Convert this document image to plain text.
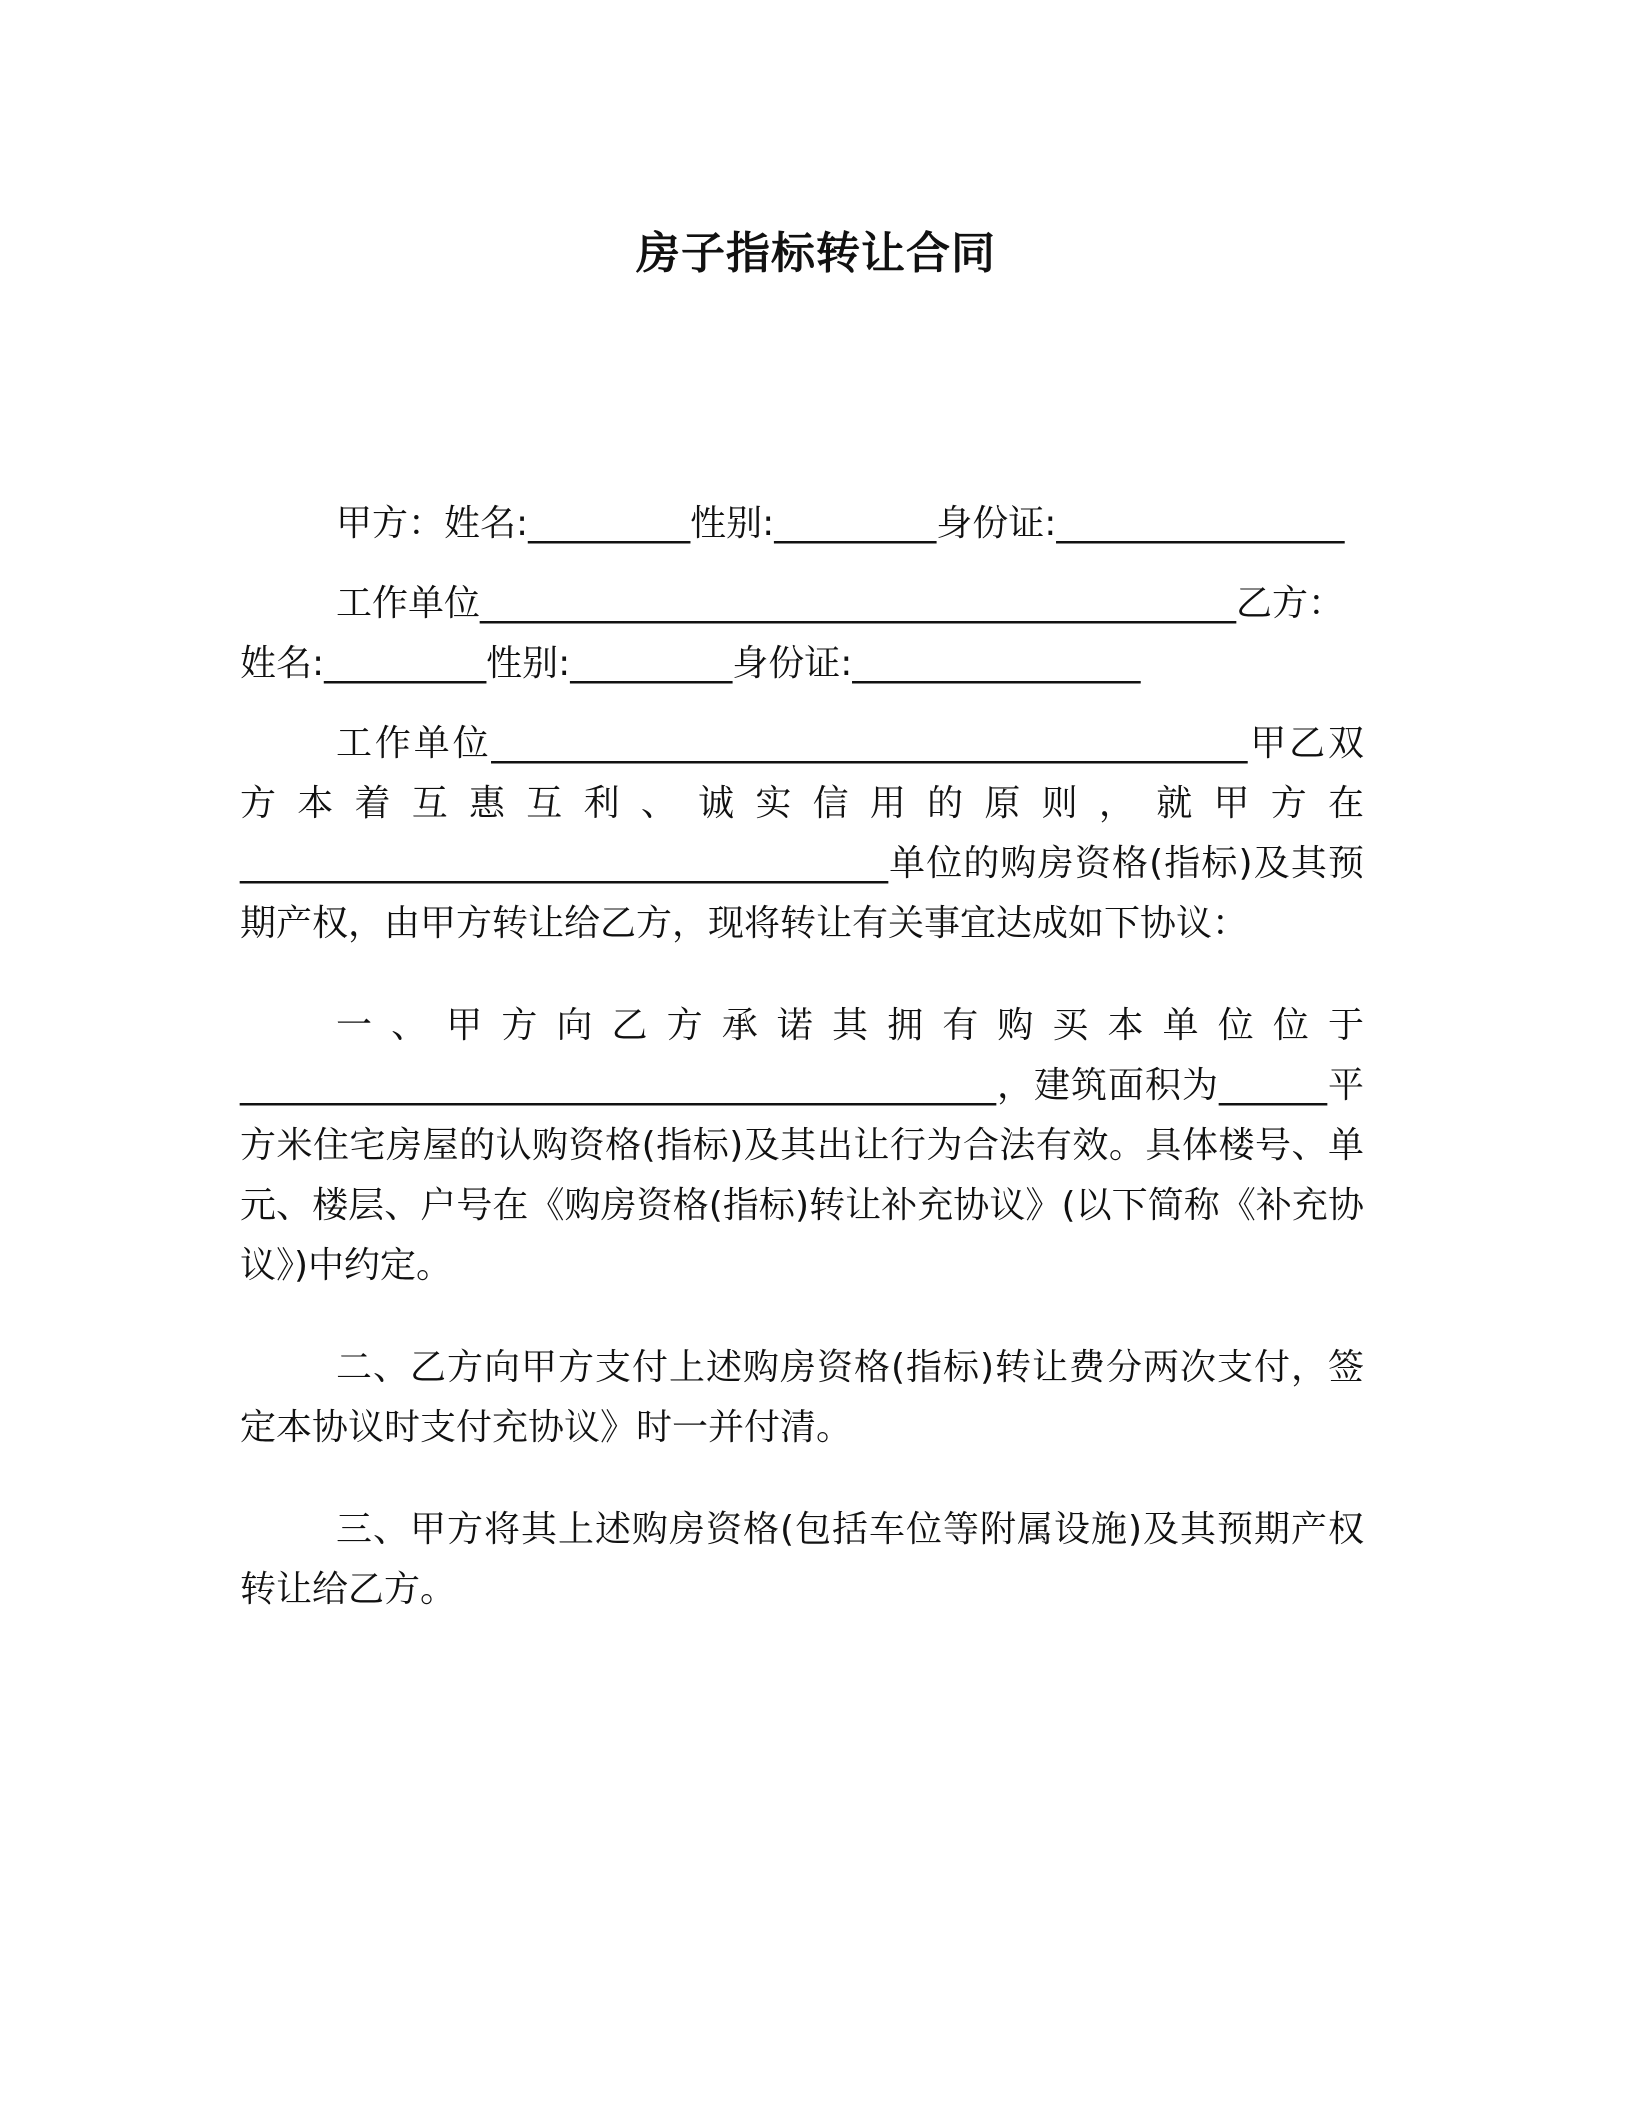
房子指标转让合同

甲方：姓名:_________性别:_________身份证:________________

工作单位__________________________________________乙方：

姓名:_________性别:_________身份证:________________

工作单位__________________________________________甲乙双方本着互惠互利、诚实信用的原则，就甲方在____________________________________单位的购房资格(指标)及其预期产权，由甲方转让给乙方，现将转让有关事宜达成如下协议：

一、甲方向乙方承诺其拥有购买本单位位于__________________________________________，建筑面积为______平方米住宅房屋的认购资格(指标)及其出让行为合法有效。具体楼号、单元、楼层、户号在《购房资格(指标)转让补充协议》(以下简称《补充协议》)中约定。

二、乙方向甲方支付上述购房资格(指标)转让费分两次支付，签定本协议时支付充协议》时一并付清。

三、甲方将其上述购房资格(包括车位等附属设施)及其预期产权转让给乙方。
